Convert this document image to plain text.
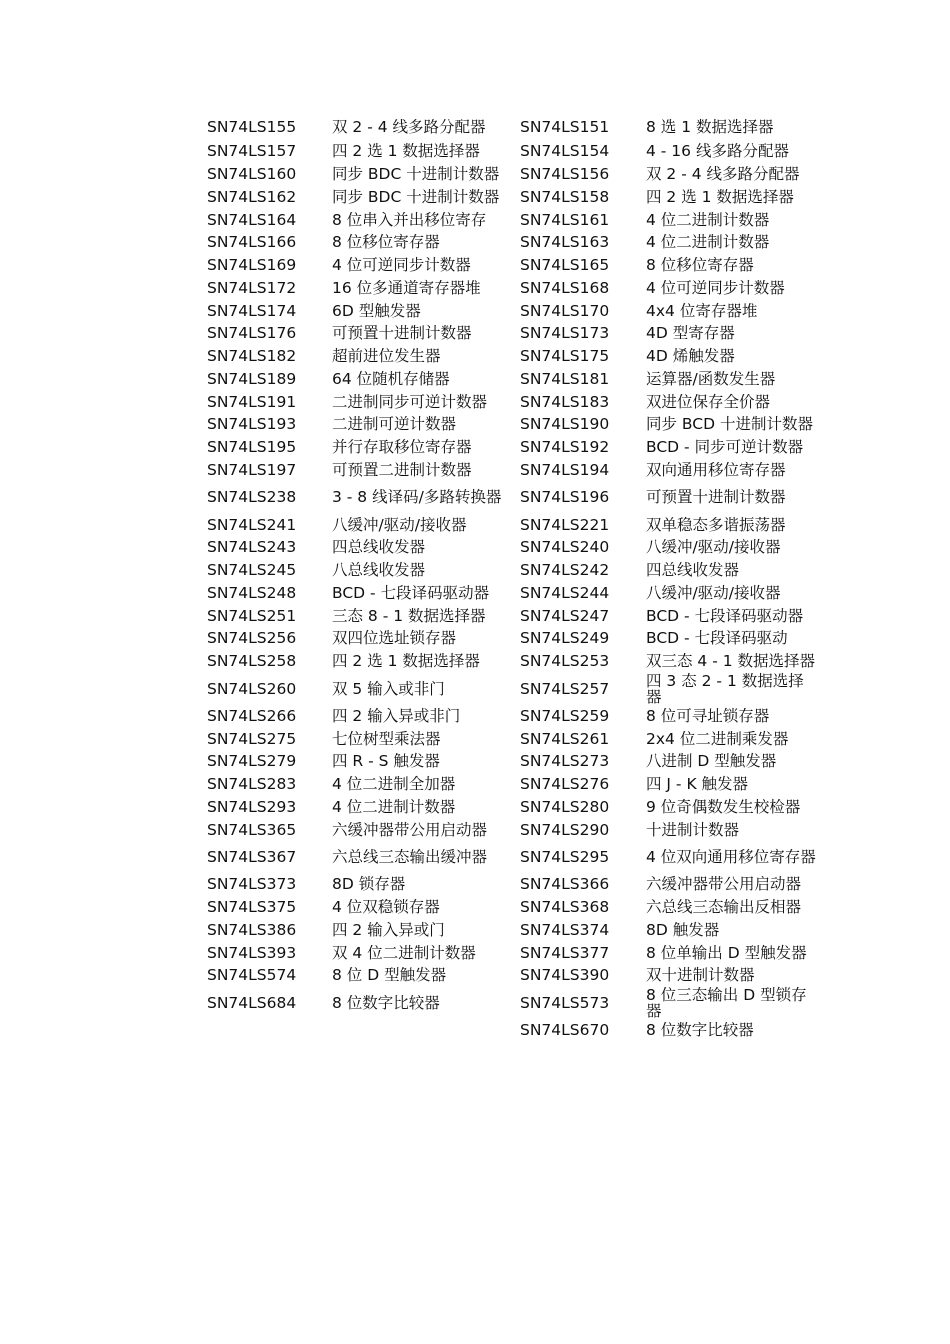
SN74LS155	双 2 - 4 线多路分配器	SN74LS151	8 选 1 数据选择器
SN74LS157	四 2 选 1 数据选择器	SN74LS154	4 - 16 线多路分配器
SN74LS160	同步 BDC 十进制计数器	SN74LS156	双 2 - 4 线多路分配器
SN74LS162	同步 BDC 十进制计数器	SN74LS158	四 2 选 1 数据选择器
SN74LS164	8 位串入并出移位寄存	SN74LS161	4 位二进制计数器
SN74LS166	8 位移位寄存器	SN74LS163	4 位二进制计数器
SN74LS169	4 位可逆同步计数器	SN74LS165	8 位移位寄存器
SN74LS172	16 位多通道寄存器堆	SN74LS168	4 位可逆同步计数器
SN74LS174	6D 型触发器	SN74LS170	4x4 位寄存器堆
SN74LS176	可预置十进制计数器	SN74LS173	4D 型寄存器
SN74LS182	超前进位发生器	SN74LS175	4D 烯触发器
SN74LS189	64 位随机存储器	SN74LS181	运算器/函数发生器
SN74LS191	二进制同步可逆计数器	SN74LS183	双进位保存全价器
SN74LS193	二进制可逆计数器	SN74LS190	同步 BCD 十进制计数器
SN74LS195	并行存取移位寄存器	SN74LS192	BCD - 同步可逆计数器
SN74LS197	可预置二进制计数器	SN74LS194	双向通用移位寄存器
SN74LS238	3 - 8 线译码/多路转换器	SN74LS196	可预置十进制计数器
SN74LS241	八缓冲/驱动/接收器	SN74LS221	双单稳态多谐振荡器
SN74LS243	四总线收发器	SN74LS240	八缓冲/驱动/接收器
SN74LS245	八总线收发器	SN74LS242	四总线收发器
SN74LS248	BCD - 七段译码驱动器	SN74LS244	八缓冲/驱动/接收器
SN74LS251	三态 8 - 1 数据选择器	SN74LS247	BCD - 七段译码驱动器
SN74LS256	双四位选址锁存器	SN74LS249	BCD - 七段译码驱动
SN74LS258	四 2 选 1 数据选择器	SN74LS253	双三态 4 - 1 数据选择器
SN74LS260	双 5 输入或非门	SN74LS257	四 3 态 2 - 1 数据选择器
SN74LS266	四 2 输入异或非门	SN74LS259	8 位可寻址锁存器
SN74LS275	七位树型乘法器	SN74LS261	2x4 位二进制乘发器
SN74LS279	四 R - S 触发器	SN74LS273	八进制 D 型触发器
SN74LS283	4 位二进制全加器	SN74LS276	四 J - K 触发器
SN74LS293	4 位二进制计数器	SN74LS280	9 位奇偶数发生校检器
SN74LS365	六缓冲器带公用启动器	SN74LS290	十进制计数器
SN74LS367	六总线三态输出缓冲器	SN74LS295	4 位双向通用移位寄存器
SN74LS373	8D 锁存器	SN74LS366	六缓冲器带公用启动器
SN74LS375	4 位双稳锁存器	SN74LS368	六总线三态输出反相器
SN74LS386	四 2 输入异或门	SN74LS374	8D 触发器
SN74LS393	双 4 位二进制计数器	SN74LS377	8 位单输出 D 型触发器
SN74LS574	8 位 D 型触发器	SN74LS390	双十进制计数器
SN74LS684	8 位数字比较器	SN74LS573	8 位三态输出 D 型锁存器
		SN74LS670	8 位数字比较器
